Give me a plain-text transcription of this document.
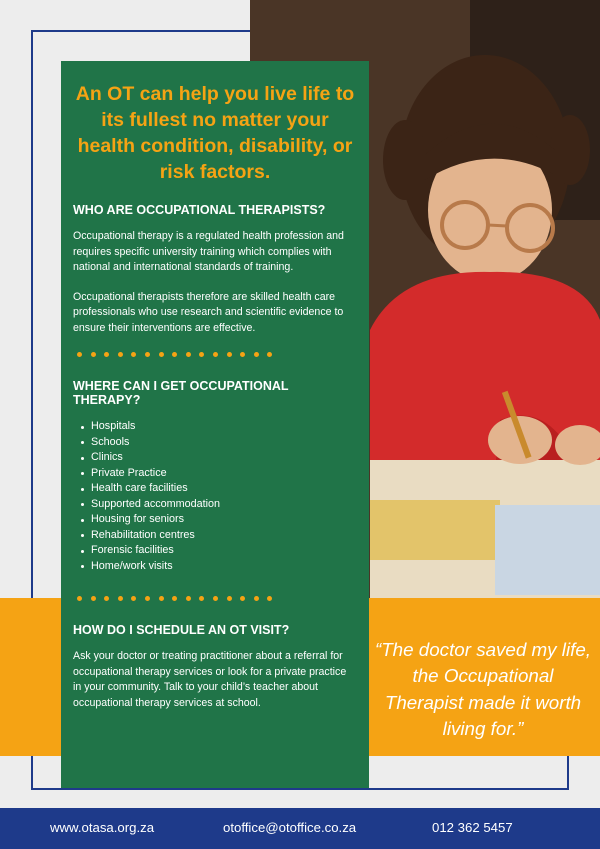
An OT can help you live life to its fullest no matter your health condition, disability, or risk factors.

WHO ARE OCCUPATIONAL THERAPISTS?

Occupational therapy is a regulated health profession and requires specific university training which complies with national and international standards of training.

Occupational therapists therefore are skilled health care professionals who use research and scientific evidence to ensure their interventions are effective.

WHERE CAN I GET OCCUPATIONAL THERAPY?

Hospitals
Schools
Clinics
Private Practice
Health care facilities
Supported accommodation
Housing for seniors
Rehabilitation centres
Forensic facilities
Home/work visits

HOW DO I SCHEDULE AN OT VISIT?

Ask your doctor or treating practitioner about a referral for occupational therapy services or look for a private practice in your community. Talk to your child’s teacher about occupational therapy services at school.

“The doctor saved my life, the Occupational Therapist made it worth living for.”

www.otasa.org.za	otoffice@otoffice.co.za	012 362 5457
